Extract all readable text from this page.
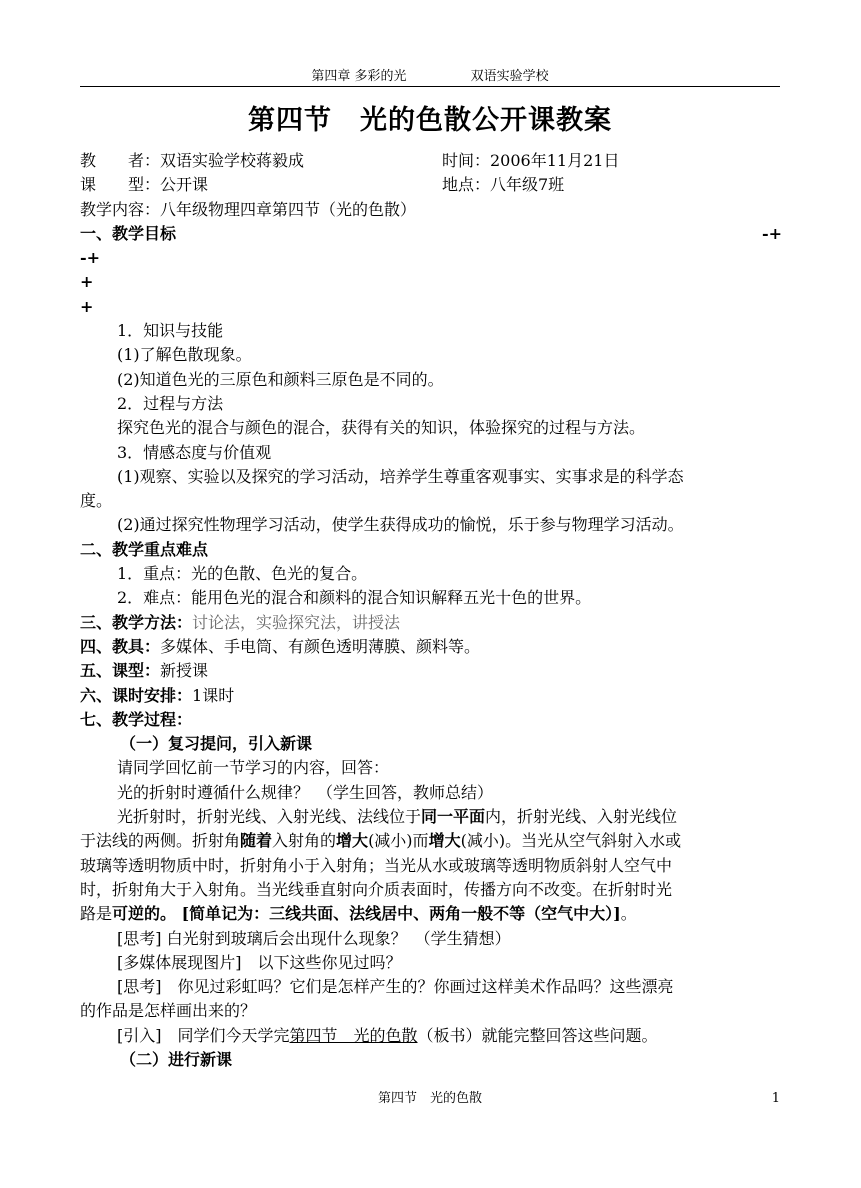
第四章 多彩的光	双语实验学校
第四节　光的色散公开课教案
教　　者：双语实验学校蒋毅成	时间：2006年11月21日
课　　型：公开课	地点：八年级7班
教学内容：八年级物理四章第四节（光的色散）
一、教学目标	-+
-+
+
+
1．知识与技能
(1)了解色散现象。
(2)知道色光的三原色和颜料三原色是不同的。
2．过程与方法
探究色光的混合与颜色的混合，获得有关的知识，体验探究的过程与方法。
3．情感态度与价值观
(1)观察、实验以及探究的学习活动，培养学生尊重客观事实、实事求是的科学态
度。
(2)通过探究性物理学习活动，使学生获得成功的愉悦，乐于参与物理学习活动。
二、教学重点难点
1．重点：光的色散、色光的复合。
2．难点：能用色光的混合和颜料的混合知识解释五光十色的世界。
三、教学方法：讨论法，实验探究法，讲授法
四、教具：多媒体、手电筒、有颜色透明薄膜、颜料等。
五、课型：新授课
六、课时安排：1课时
七、教学过程：
（一）复习提问，引入新课
请同学回忆前一节学习的内容，回答：
光的折射时遵循什么规律？　（学生回答，教师总结）
光折射时，折射光线、入射光线、法线位于同一平面内，折射光线、入射光线位
于法线的两侧。折射角随着入射角的增大(减小)而增大(减小)。当光从空气斜射入水或
玻璃等透明物质中时，折射角小于入射角；当光从水或玻璃等透明物质斜射人空气中
时，折射角大于入射角。当光线垂直射向介质表面时，传播方向不改变。在折射时光
路是可逆的。 [简单记为：三线共面、法线居中、两角一般不等（空气中大）]。
[思考] 白光射到玻璃后会出现什么现象？　（学生猜想）
[多媒体展现图片]　以下这些你见过吗？
[思考]　你见过彩虹吗？它们是怎样产生的？你画过这样美术作品吗？这些漂亮
的作品是怎样画出来的？
[引入]　同学们今天学完第四节　光的色散（板书）就能完整回答这些问题。
（二）进行新课
第四节　光的色散	1
